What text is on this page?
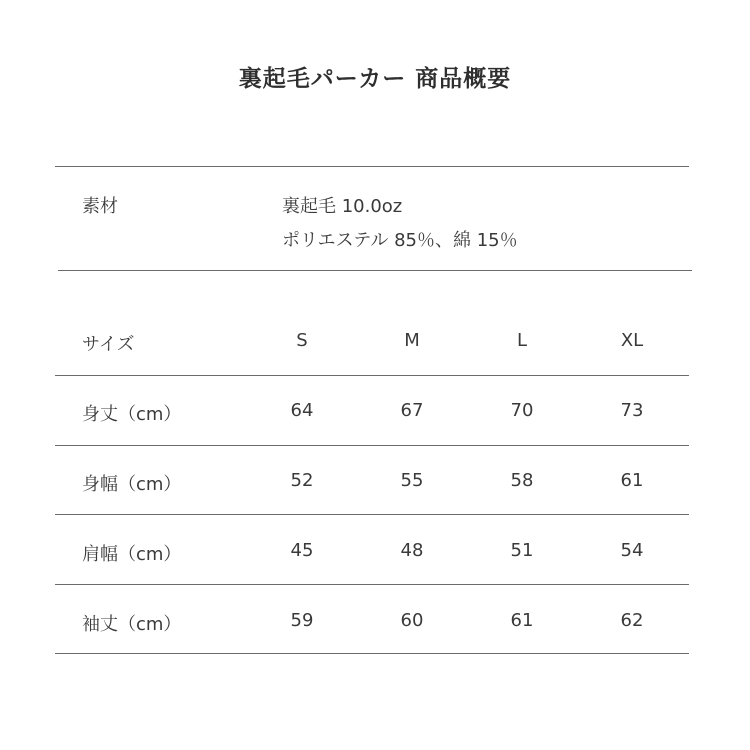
裏起毛パーカー 商品概要
素材	裏起毛 10.0oz
ポリエステル 85％、綿 15％
サイズ	S	M	L	XL
身丈（cm）	64	67	70	73
身幅（cm）	52	55	58	61
肩幅（cm）	45	48	51	54
袖丈（cm）	59	60	61	62
